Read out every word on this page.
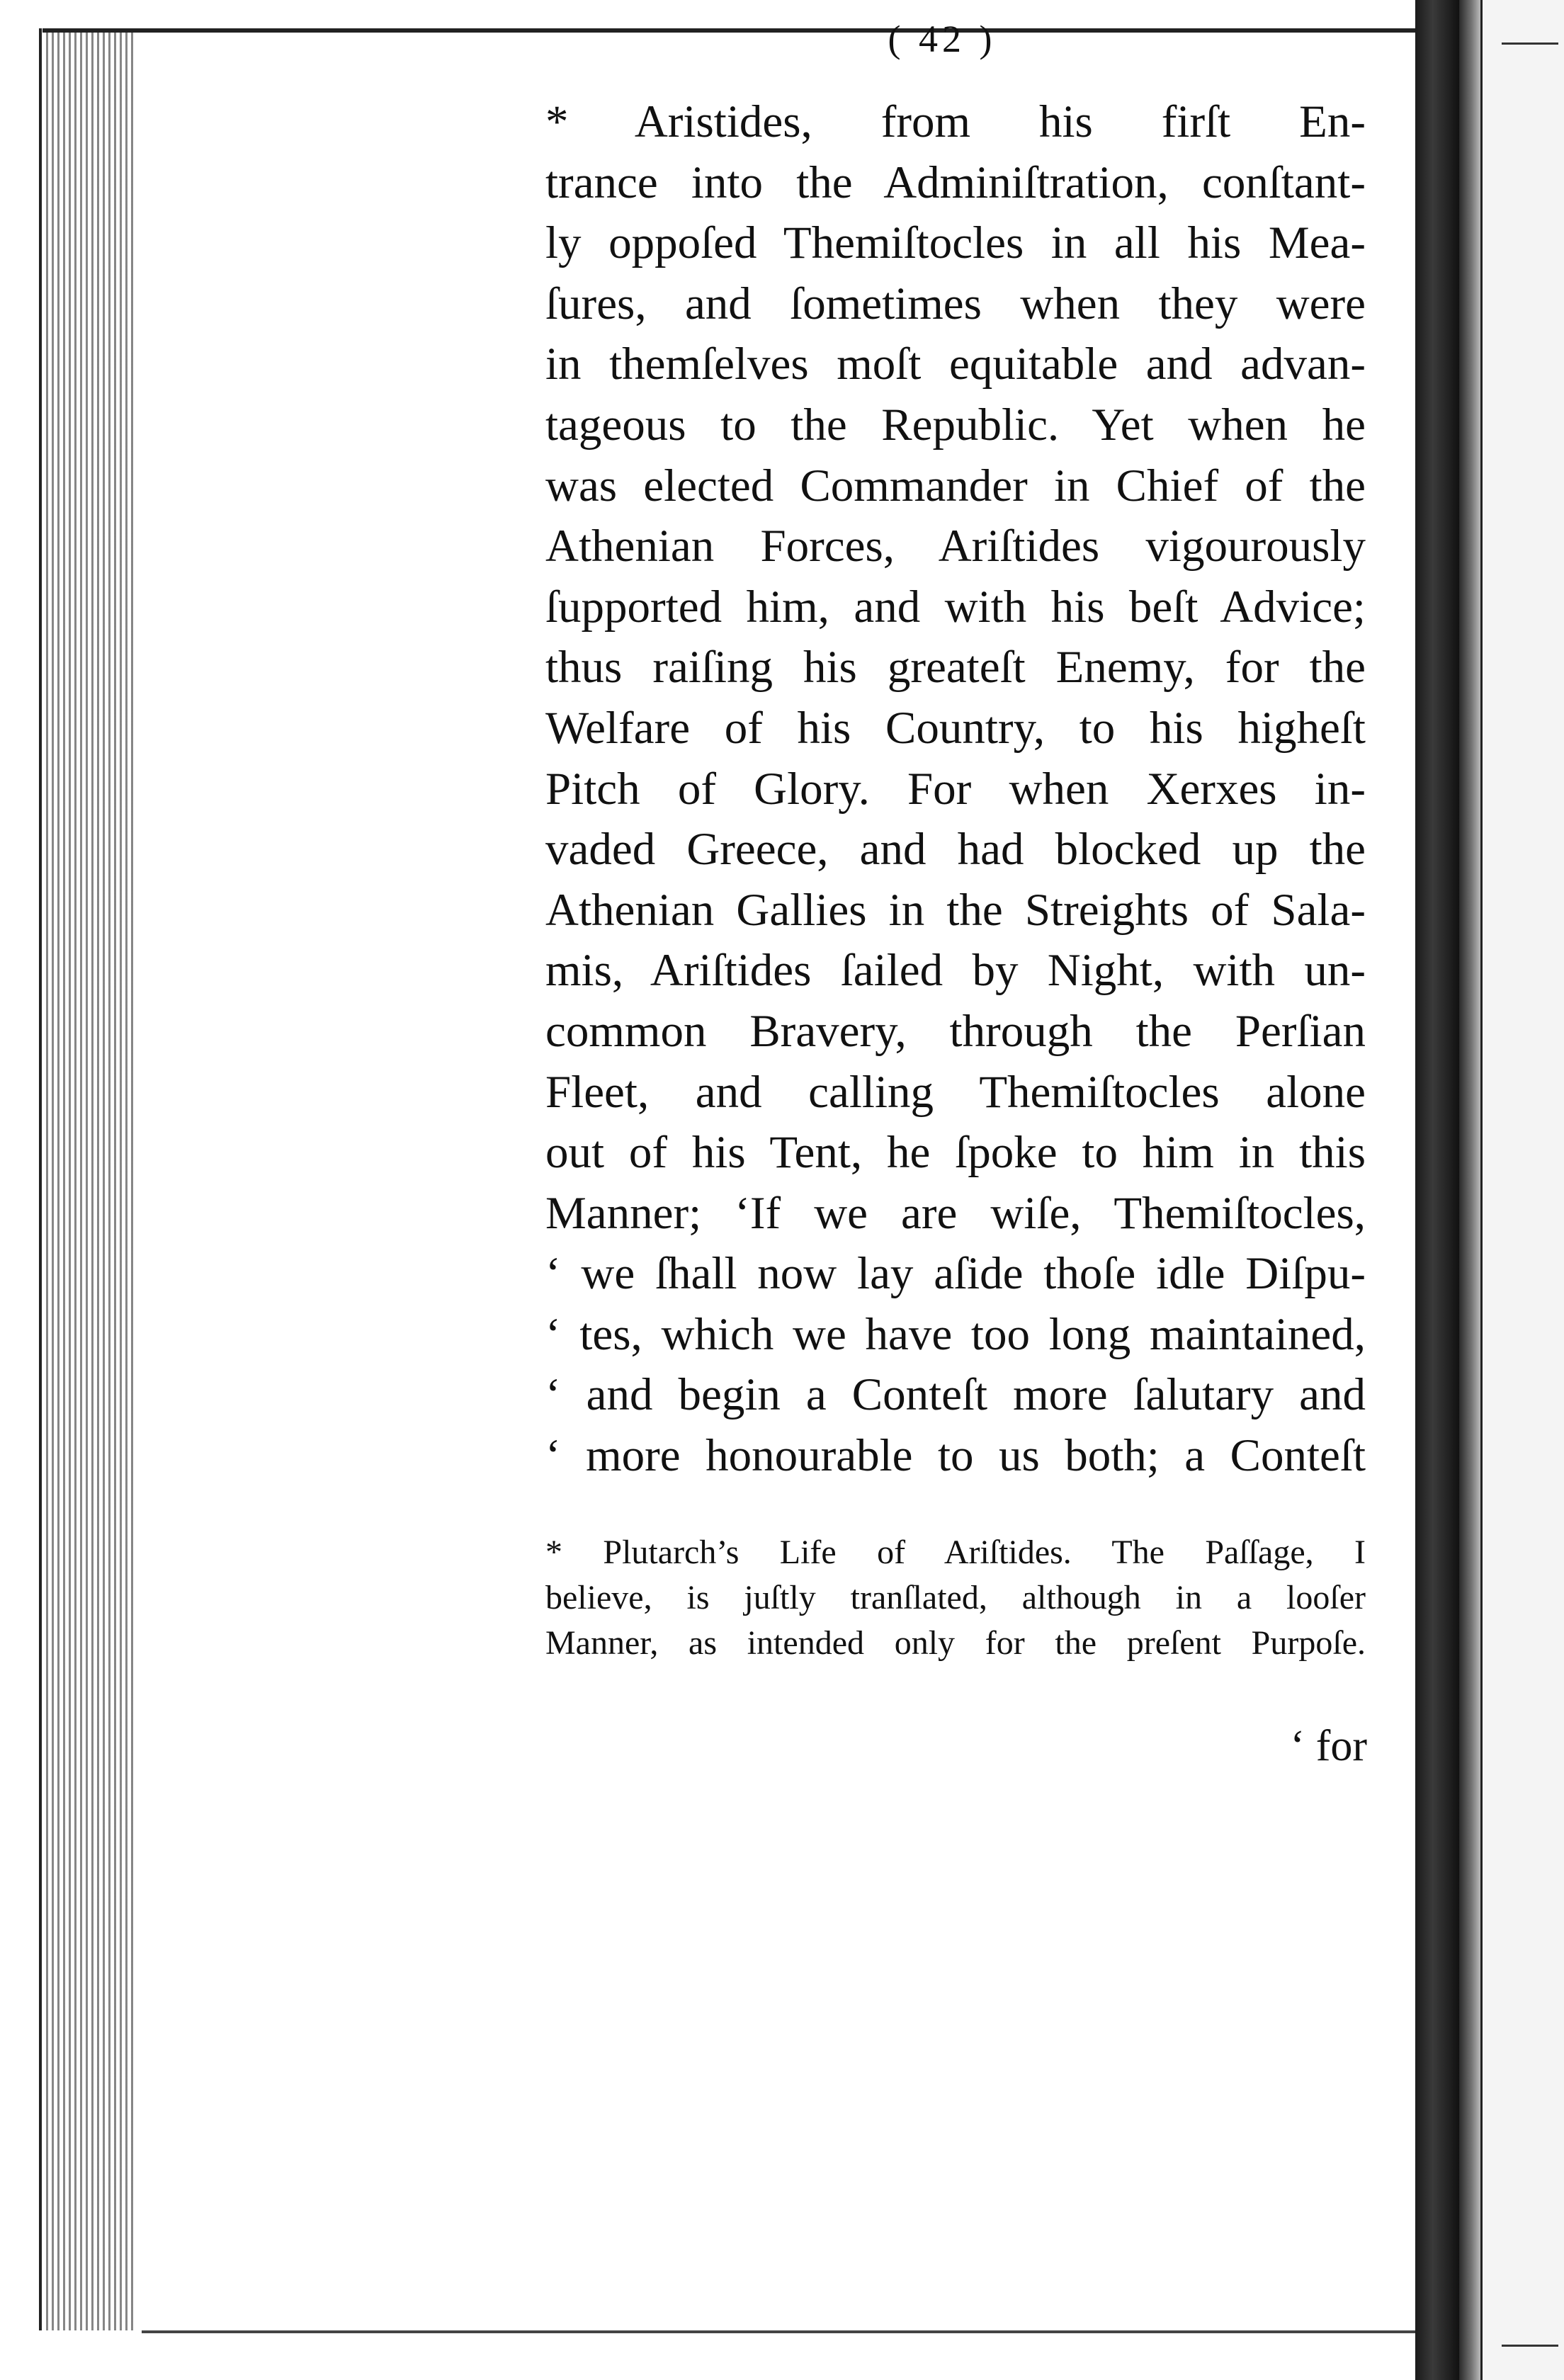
( 42 )
* Aristides, from his firſt En-
trance into the Adminiſtration, conſtant-
ly oppoſed Themiſtocles in all his Mea-
ſures, and ſometimes when they were
in themſelves moſt equitable and advan-
tageous to the Republic. Yet when he
was elected Commander in Chief of the
Athenian Forces, Ariſtides vigourously
ſupported him, and with his beſt Advice;
thus raiſing his greateſt Enemy, for the
Welfare of his Country, to his higheſt
Pitch of Glory. For when Xerxes in-
vaded Greece, and had blocked up the
Athenian Gallies in the Streights of Sala-
mis, Ariſtides ſailed by Night, with un-
common Bravery, through the Perſian
Fleet, and calling Themiſtocles alone
out of his Tent, he ſpoke to him in this
Manner; ‘If we are wiſe, Themiſtocles,
‘ we ſhall now lay aſide thoſe idle Diſpu-
‘ tes, which we have too long maintained,
‘ and begin a Conteſt more ſalutary and
‘ more honourable to us both; a Conteſt
* Plutarch’s Life of Ariſtides. The Paſſage, I
believe, is juſtly tranſlated, although in a looſer
Manner, as intended only for the preſent Purpoſe.
‘ for
